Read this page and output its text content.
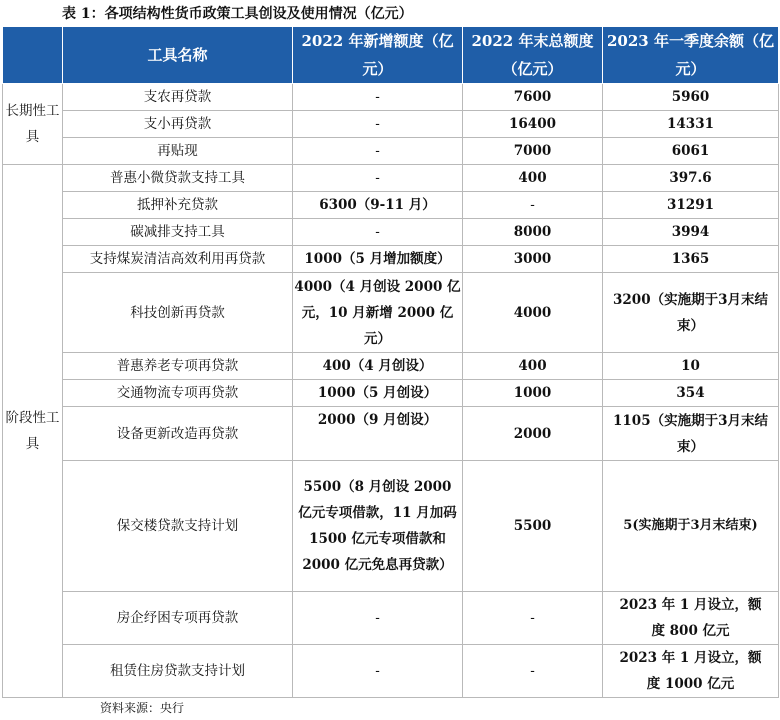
表 1：各项结构性货币政策工具创设及使用情况（亿元）
	工具名称	2022 年新增额度（亿元）	2022 年末总额度（亿元）	2023 年一季度余额（亿元）
长期性工具	支农再贷款	-	7600	5960
	支小再贷款	-	16400	14331
	再贴现	-	7000	6061
阶段性工具	普惠小微贷款支持工具	-	400	397.6
	抵押补充贷款	6300（9-11 月）	-	31291
	碳减排支持工具	-	8000	3994
	支持煤炭清洁高效利用再贷款	1000（5 月增加额度）	3000	1365
	科技创新再贷款	4000（4 月创设 2000 亿元，10 月新增 2000 亿元）	4000	3200（实施期于3月末结束）
	普惠养老专项再贷款	400（4 月创设）	400	10
	交通物流专项再贷款	1000（5 月创设）	1000	354
	设备更新改造再贷款	2000（9 月创设）	2000	1105（实施期于3月末结束）
	保交楼贷款支持计划	5500（8 月创设 2000 亿元专项借款，11 月加码 1500 亿元专项借款和 2000 亿元免息再贷款）	5500	5(实施期于3月末结束)
	房企纾困专项再贷款	-	-	2023 年 1 月设立，额度 800 亿元
	租赁住房贷款支持计划	-	-	2023 年 1 月设立，额度 1000 亿元
资料来源：央行
